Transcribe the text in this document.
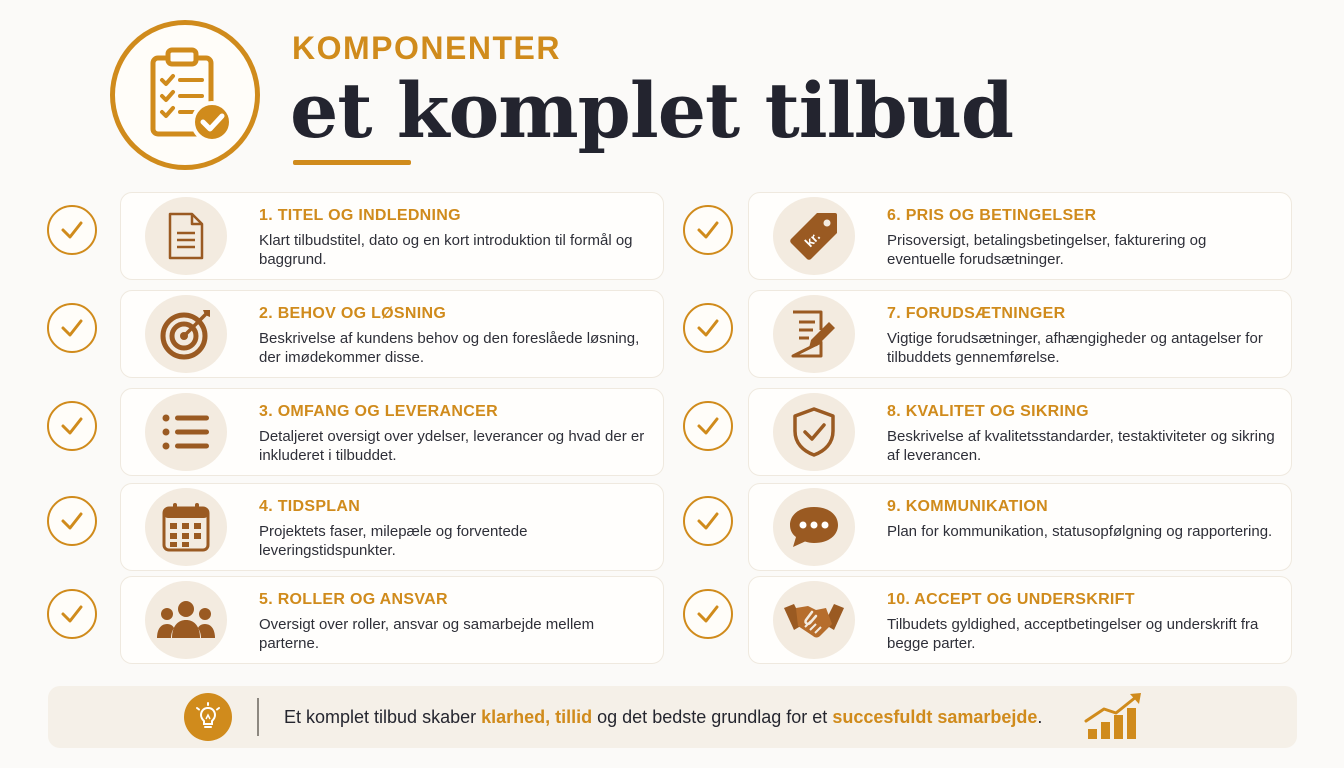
KOMPONENTER
et komplet tilbud
1. TITEL OG INDLEDNING
Klart tilbudstitel, dato og en kort introduktion til formål og baggrund.
2. BEHOV OG LØSNING
Beskrivelse af kundens behov og den foreslåede løsning, der imødekommer disse.
3. OMFANG OG LEVERANCER
Detaljeret oversigt over ydelser, leverancer og hvad der er inkluderet i tilbuddet.
4. TIDSPLAN
Projektets faser, milepæle og forventede leveringstidspunkter.
5. ROLLER OG ANSVAR
Oversigt over roller, ansvar og samarbejde mellem parterne.
kr.
6. PRIS OG BETINGELSER
Prisoversigt, betalingsbetingelser, fakturering og eventuelle forudsætninger.
7. FORUDSÆTNINGER
Vigtige forudsætninger, afhængigheder og antagelser for tilbuddets gennemførelse.
8. KVALITET OG SIKRING
Beskrivelse af kvalitetsstandarder, testaktiviteter og sikring af leverancen.
9. KOMMUNIKATION
Plan for kommunikation, statusopfølgning og rapportering.
10. ACCEPT OG UNDERSKRIFT
Tilbudets gyldighed, acceptbetingelser og underskrift fra begge parter.
Et komplet tilbud skaber klarhed, tillid og det bedste grundlag for et succesfuldt samarbejde.
